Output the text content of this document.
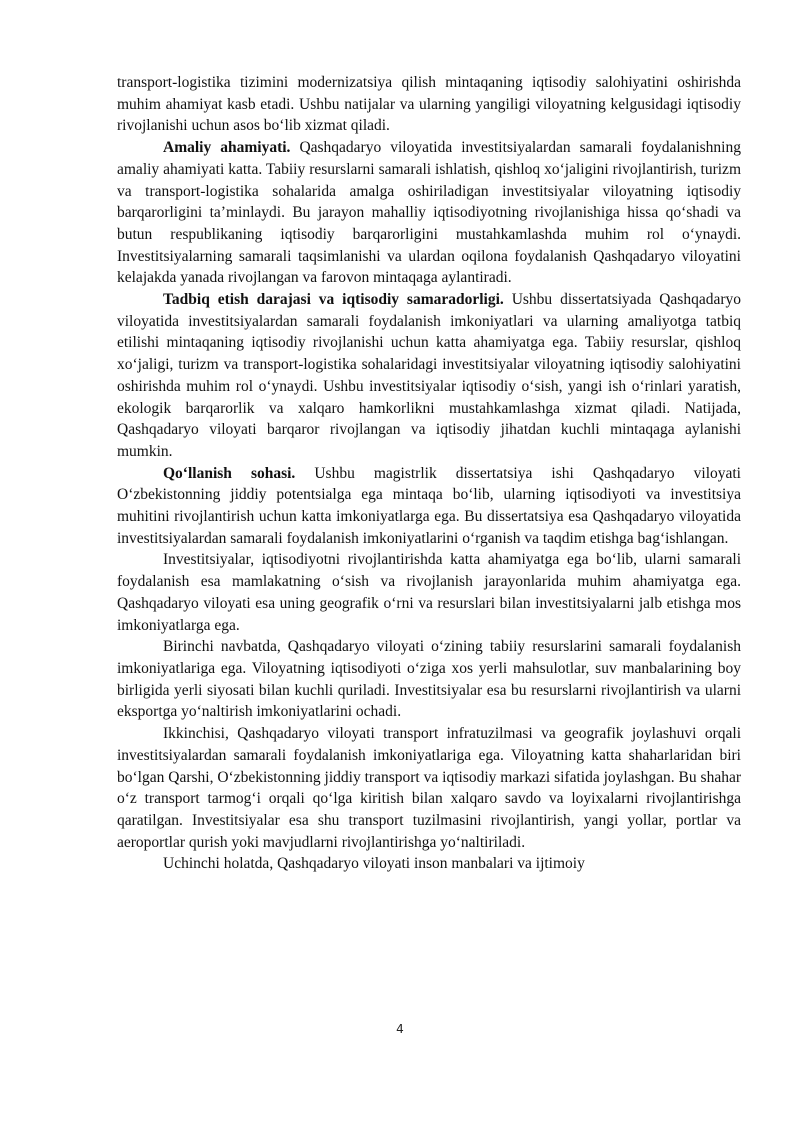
transport-logistika tizimini modernizatsiya qilish mintaqaning iqtisodiy salohiyatini oshirishda muhim ahamiyat kasb etadi. Ushbu natijalar va ularning yangiligi viloyatning kelgusidagi iqtisodiy rivojlanishi uchun asos bo‘lib xizmat qiladi.

Amaliy ahamiyati. Qashqadaryo viloyatida investitsiyalardan samarali foydalanishning amaliy ahamiyati katta. Tabiiy resurslarni samarali ishlatish, qishloq xo‘jaligini rivojlantirish, turizm va transport-logistika sohalarida amalga oshiriladigan investitsiyalar viloyatning iqtisodiy barqarorligini ta’minlaydi. Bu jarayon mahalliy iqtisodiyotning rivojlanishiga hissa qo‘shadi va butun respublikaning iqtisodiy barqarorligini mustahkamlashda muhim rol o‘ynaydi. Investitsiyalarning samarali taqsimlanishi va ulardan oqilona foydalanish Qashqadaryo viloyatini kelajakda yanada rivojlangan va farovon mintaqaga aylantiradi.

Tadbiq etish darajasi va iqtisodiy samaradorligi. Ushbu dissertatsiyada Qashqadaryo viloyatida investitsiyalardan samarali foydalanish imkoniyatlari va ularning amaliyotga tatbiq etilishi mintaqaning iqtisodiy rivojlanishi uchun katta ahamiyatga ega. Tabiiy resurslar, qishloq xo‘jaligi, turizm va transport-logistika sohalaridagi investitsiyalar viloyatning iqtisodiy salohiyatini oshirishda muhim rol o‘ynaydi. Ushbu investitsiyalar iqtisodiy o‘sish, yangi ish o‘rinlari yaratish, ekologik barqarorlik va xalqaro hamkorlikni mustahkamlashga xizmat qiladi. Natijada, Qashqadaryo viloyati barqaror rivojlangan va iqtisodiy jihatdan kuchli mintaqaga aylanishi mumkin.

Qo‘llanish sohasi. Ushbu magistrlik dissertatsiya ishi Qashqadaryo viloyati O‘zbekistonning jiddiy potentsialga ega mintaqa bo‘lib, ularning iqtisodiyoti va investitsiya muhitini rivojlantirish uchun katta imkoniyatlarga ega. Bu dissertatsiya esa Qashqadaryo viloyatida investitsiyalardan samarali foydalanish imkoniyatlarini o‘rganish va taqdim etishga bag‘ishlangan.

Investitsiyalar, iqtisodiyotni rivojlantirishda katta ahamiyatga ega bo‘lib, ularni samarali foydalanish esa mamlakatning o‘sish va rivojlanish jarayonlarida muhim ahamiyatga ega. Qashqadaryo viloyati esa uning geografik o‘rni va resurslari bilan investitsiyalarni jalb etishga mos imkoniyatlarga ega.

Birinchi navbatda, Qashqadaryo viloyati o‘zining tabiiy resurslarini samarali foydalanish imkoniyatlariga ega. Viloyatning iqtisodiyoti o‘ziga xos yerli mahsulotlar, suv manbalarining boy birligida yerli siyosati bilan kuchli quriladi. Investitsiyalar esa bu resurslarni rivojlantirish va ularni eksportga yo‘naltirish imkoniyatlarini ochadi.

Ikkinchisi, Qashqadaryo viloyati transport infratuzilmasi va geografik joylashuvi orqali investitsiyalardan samarali foydalanish imkoniyatlariga ega. Viloyatning katta shaharlaridan biri bo‘lgan Qarshi, O‘zbekistonning jiddiy transport va iqtisodiy markazi sifatida joylashgan. Bu shahar o‘z transport tarmog‘i orqali qo‘lga kiritish bilan xalqaro savdo va loyixalarni rivojlantirishga qaratilgan. Investitsiyalar esa shu transport tuzilmasini rivojlantirish, yangi yollar, portlar va aeroportlar qurish yoki mavjudlarni rivojlantirishga yo‘naltiriladi.

Uchinchi holatda, Qashqadaryo viloyati inson manbalari va ijtimoiy

4
